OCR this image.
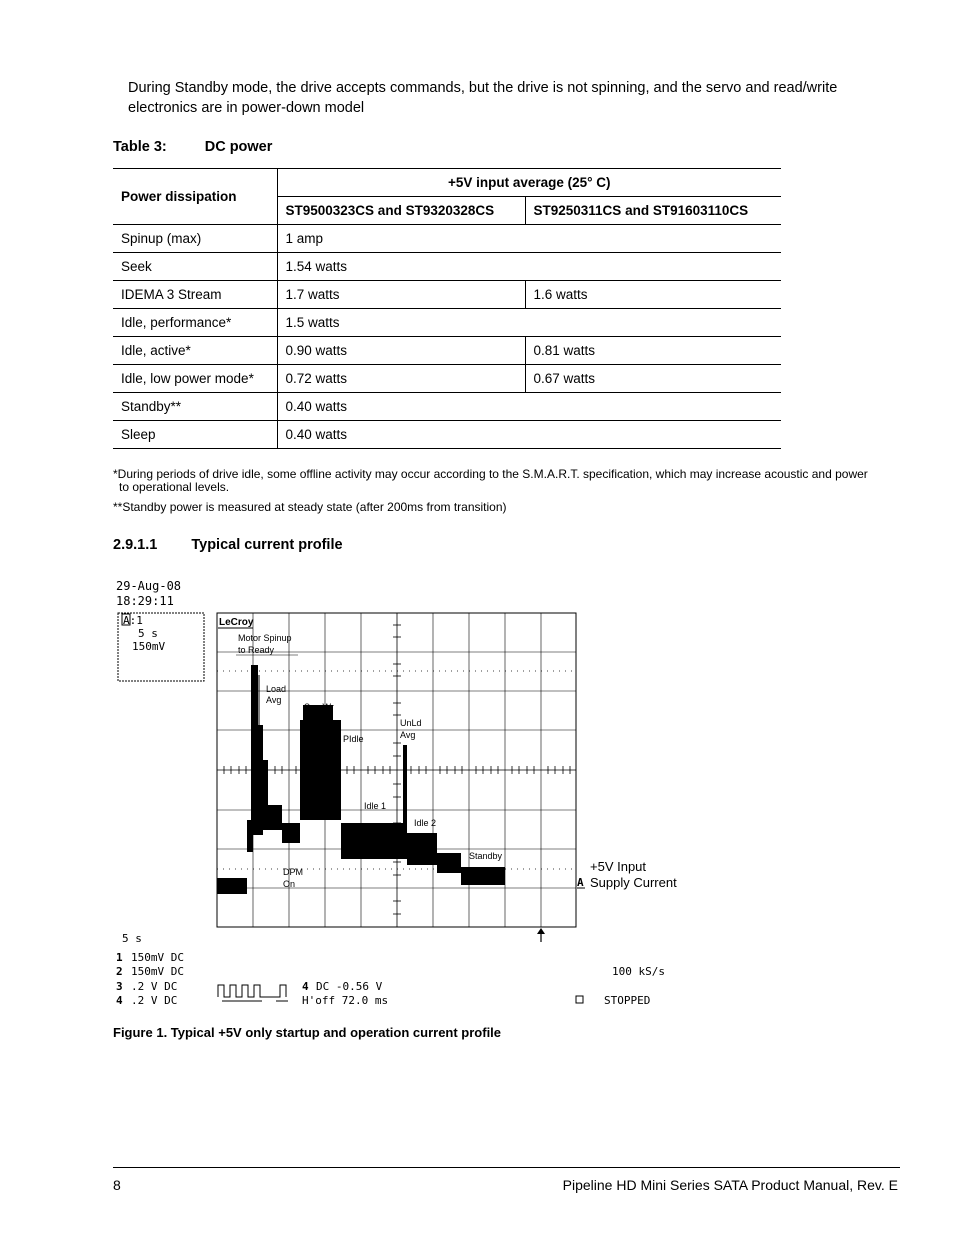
During Standby mode, the drive accepts commands, but the drive is not spinning, and the servo and read/write electronics are in power-down model
Table 3:	DC power
Power dissipation	+5V input average (25° C)	
	ST9500323CS and ST9320328CS	ST9250311CS and ST91603110CS
Spinup (max)	1 amp	
Seek	1.54 watts	
IDEMA 3 Stream	1.7 watts	1.6 watts
Idle, performance*	1.5 watts	
Idle, active*	0.90 watts	0.81 watts
Idle, low power mode*	0.72 watts	0.67 watts
Standby**	0.40 watts	
Sleep	0.40 watts	
*During periods of drive idle, some offline activity may occur according to the S.M.A.R.T. specification, which may increase acoustic and power
to operational levels.
**Standby power is measured at steady state (after 200ms from transition)
2.9.1.1 Typical current profile
29-Aug-08
18:29:11
A:1
5 s
150mV
LeCroy
Motor Spinup
to Ready
Load
Avg
Seq Wr
PIdle
UnLd
Avg
Idle 1
Idle 2
Standby
DPM
On	A
+5V Input
Supply Current
5 s
1 150mV DC
2 150mV DC
3 .2 V DC
4 .2 V DC
4 DC -0.56 V
H'off 72.0 ms
100 kS/s
STOPPED
Figure 1. Typical +5V only startup and operation current profile
8	Pipeline HD Mini Series SATA Product Manual, Rev. E
